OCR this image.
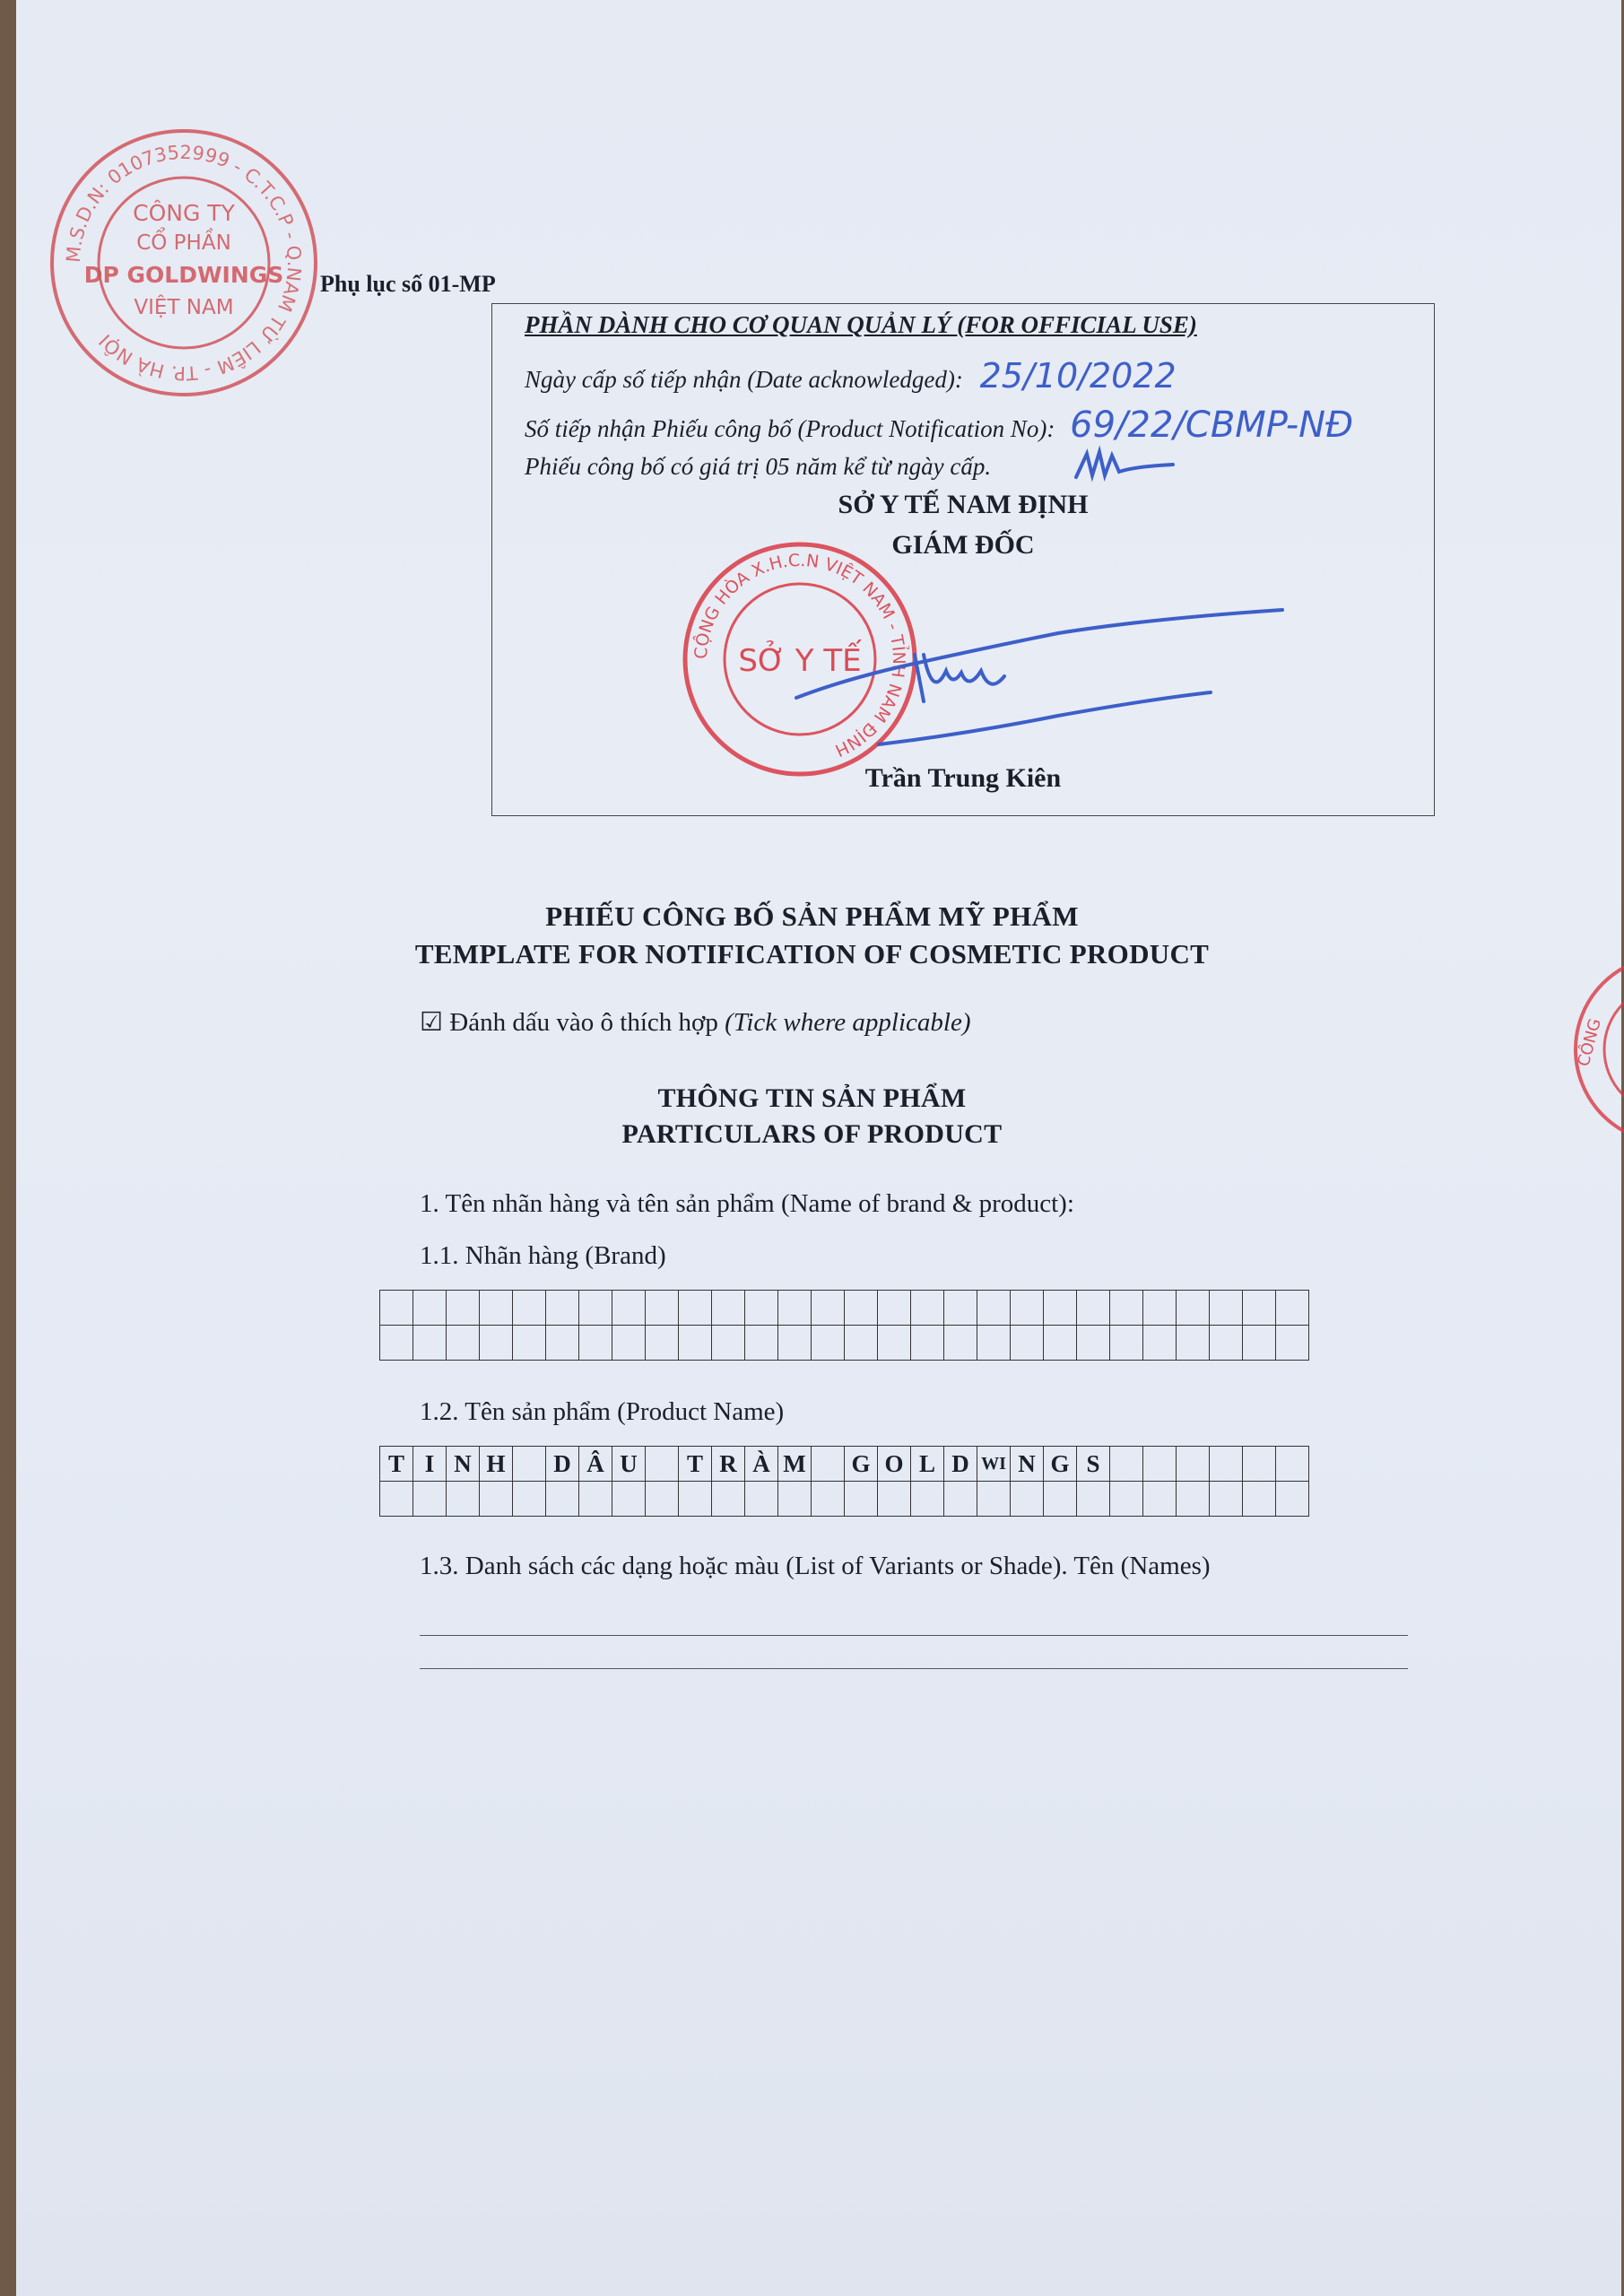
M.S.D.N: 0107352999 - C.T.C.P - Q.NAM TỪ LIÊM - TP. HÀ NỘI
CÔNG TY
CỔ PHẦN
DP GOLDWINGS
VIỆT NAM
Phụ lục số 01-MP
PHẦN DÀNH CHO CƠ QUAN QUẢN LÝ (FOR OFFICIAL USE)
Ngày cấp số tiếp nhận (Date acknowledged): 25/10/2022
Số tiếp nhận Phiếu công bố (Product Notification No): 69/22/CBMP-NĐ
Phiếu công bố có giá trị 05 năm kể từ ngày cấp.
SỞ Y TẾ NAM ĐỊNH
GIÁM ĐỐC
Trần Trung Kiên
CỘNG HÒA X.H.C.N VIỆT NAM - TỈNH NAM ĐỊNH
SỞ Y TẾ
CÔNG
PHIẾU CÔNG BỐ SẢN PHẨM MỸ PHẨM
TEMPLATE FOR NOTIFICATION OF COSMETIC PRODUCT
☑ Đánh dấu vào ô thích hợp (Tick where applicable)
THÔNG TIN SẢN PHẨM
PARTICULARS OF PRODUCT
1. Tên nhãn hàng và tên sản phẩm (Name of brand & product):
1.1. Nhãn hàng (Brand)

1.2. Tên sản phẩm (Product Name)
T	I	N	H		D	Â	U		T	R	À	M		G	O	L	D	WI	N	G	S						

1.3. Danh sách các dạng hoặc màu (List of Variants or Shade). Tên (Names)
